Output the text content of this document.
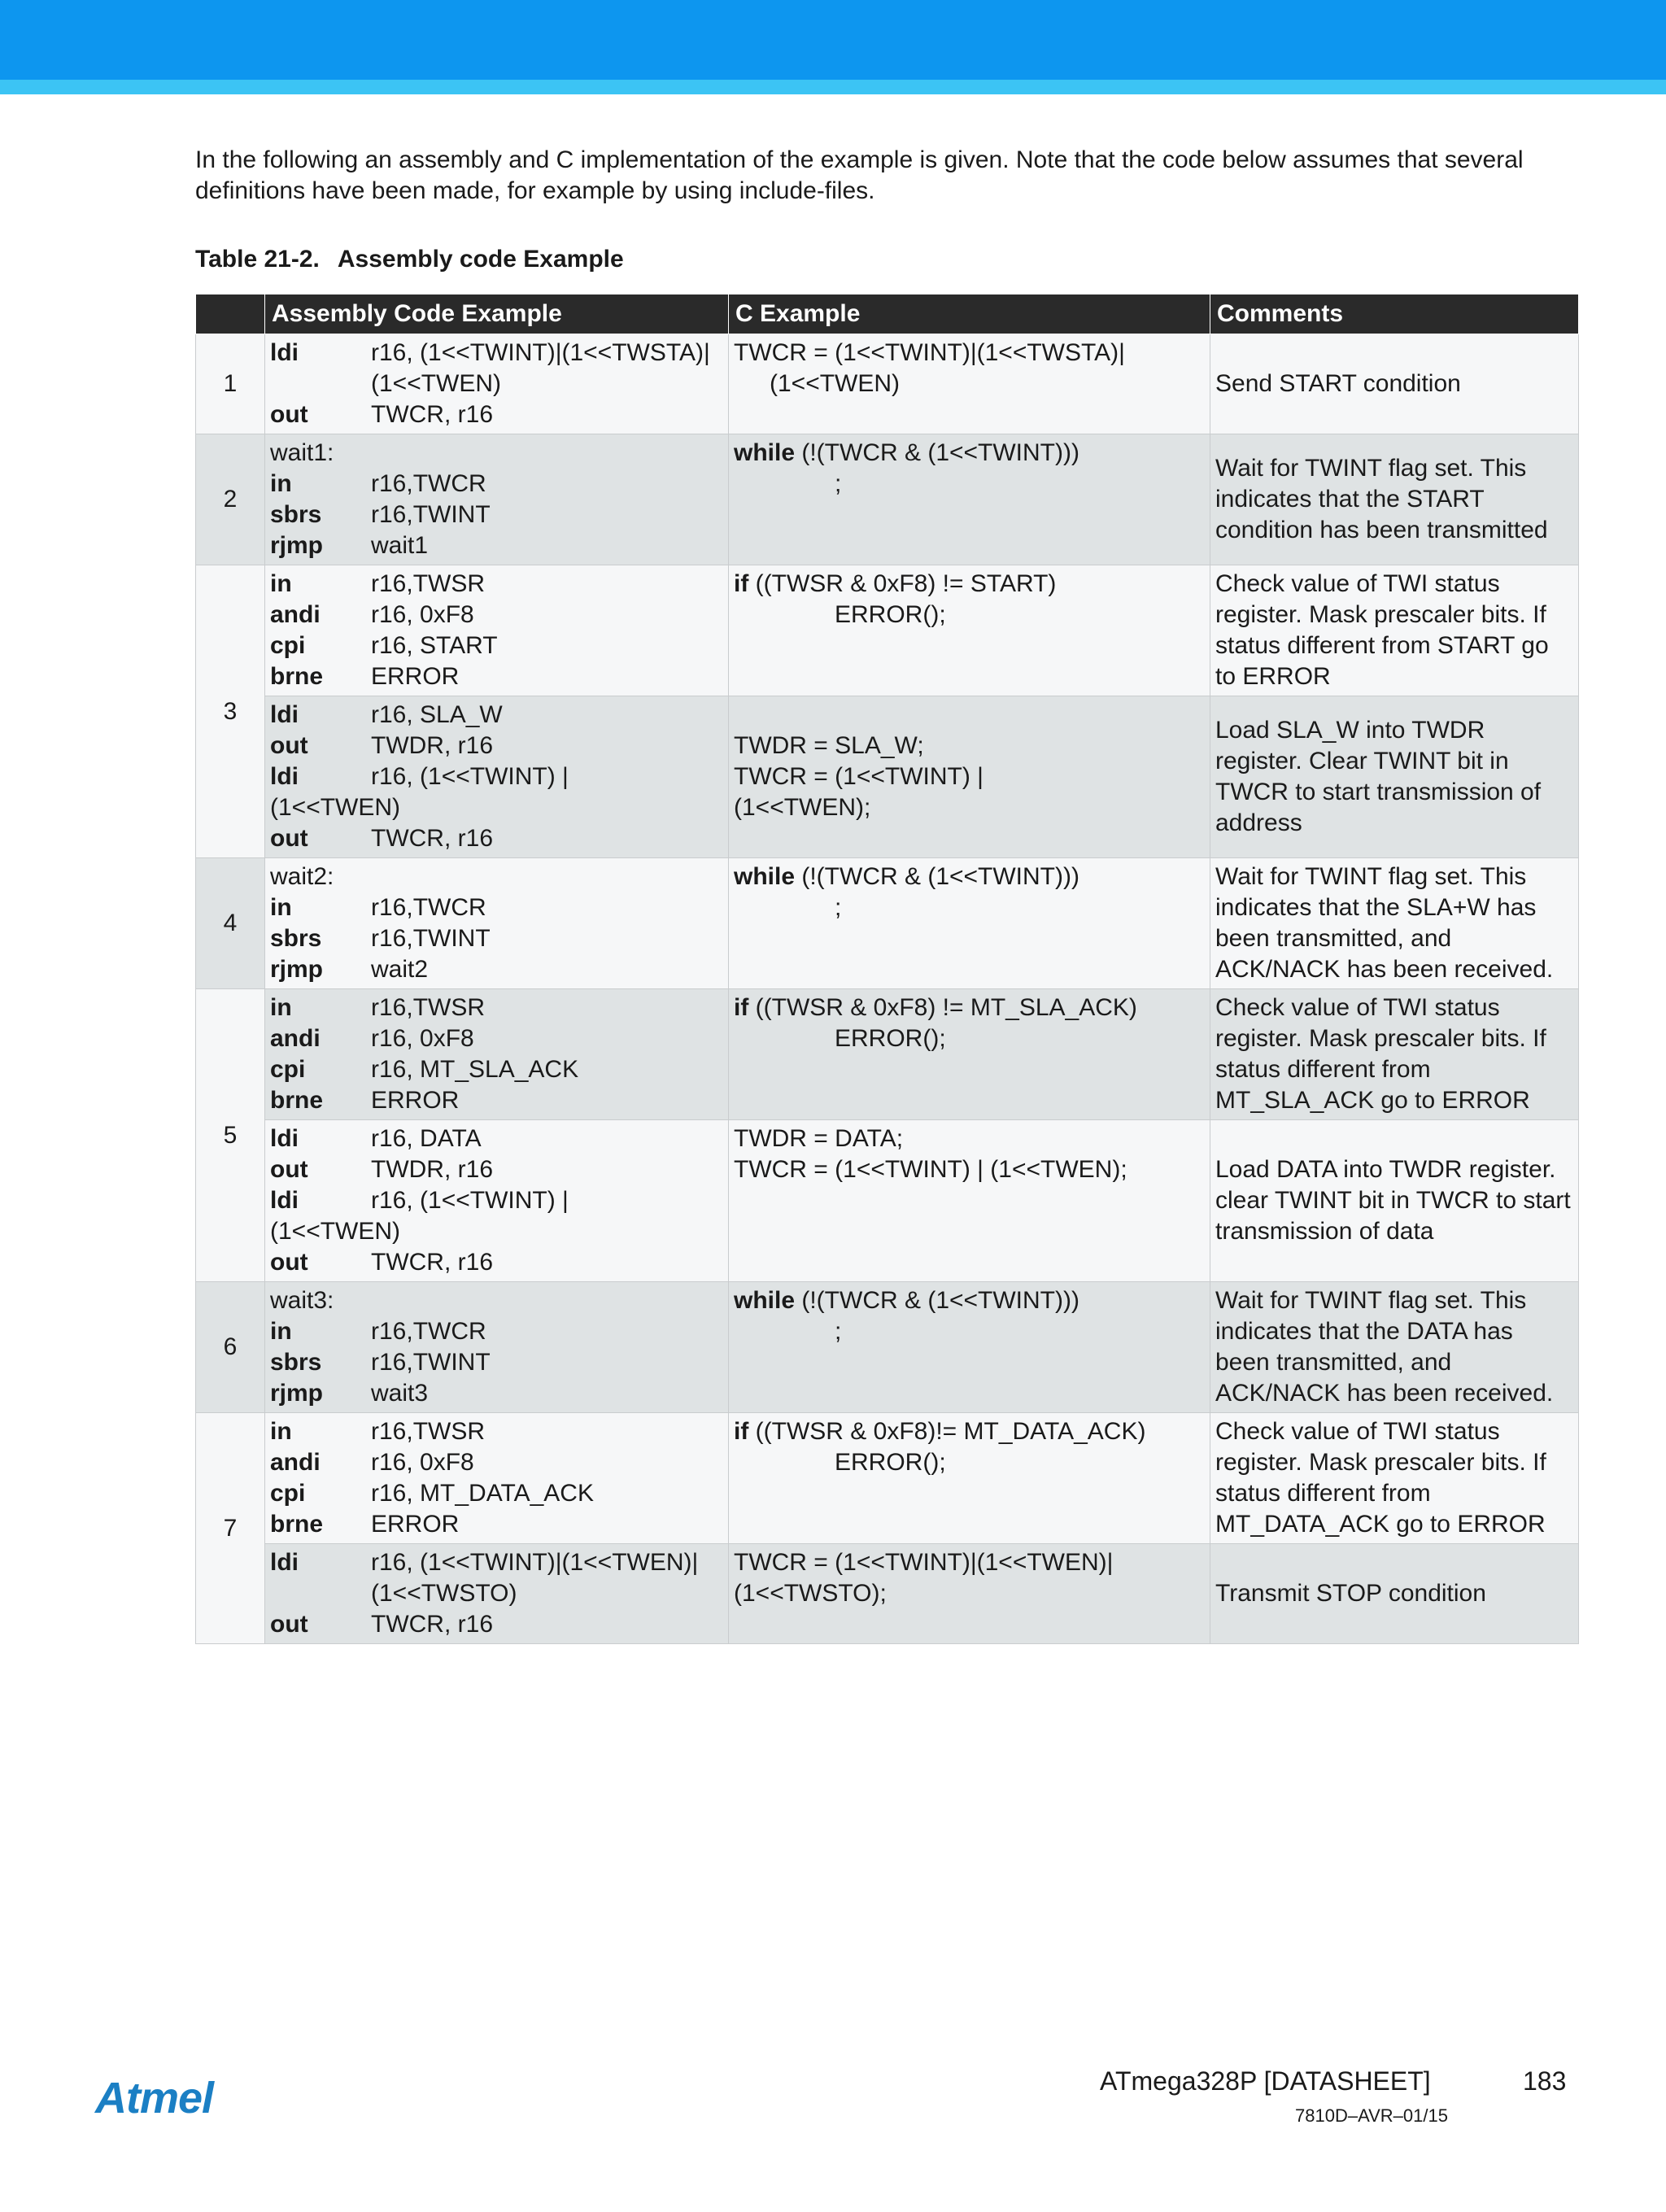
In the following an assembly and C implementation of the example is given. Note that the code below assumes that several definitions have been made, for example by using include-files.

Table 21-2. Assembly code Example

	Assembly Code Example	C Example	Comments
1	ldi r16, (1<<TWINT)|(1<<TWSTA)|
(1<<TWEN)
out TWCR, r16	TWCR = (1<<TWINT)|(1<<TWSTA)|
(1<<TWEN)	Send START condition
2	wait1:
in r16,TWCR
sbrs r16,TWINT
rjmp wait1	while (!(TWCR & (1<<TWINT)))
;	Wait for TWINT flag set. This indicates that the START condition has been transmitted
3	in r16,TWSR
andi r16, 0xF8
cpi r16, START
brne ERROR	if ((TWSR & 0xF8) != START)
ERROR();	Check value of TWI status register. Mask prescaler bits. If status different from START go to ERROR

	ldi r16, SLA_W
out TWDR, r16
ldi r16, (1<<TWINT) |
(1<<TWEN)
out TWCR, r16	TWDR = SLA_W;
TWCR = (1<<TWINT) |
(1<<TWEN);	Load SLA_W into TWDR register. Clear TWINT bit in TWCR to start transmission of address
4	wait2:
in r16,TWCR
sbrs r16,TWINT
rjmp wait2	while (!(TWCR & (1<<TWINT)))
;	Wait for TWINT flag set. This indicates that the SLA+W has been transmitted, and ACK/NACK has been received.
5	in r16,TWSR
andi r16, 0xF8
cpi r16, MT_SLA_ACK
brne ERROR	if ((TWSR & 0xF8) != MT_SLA_ACK)
ERROR();	Check value of TWI status register. Mask prescaler bits. If status different from MT_SLA_ACK go to ERROR

	ldi r16, DATA
out TWDR, r16
ldi r16, (1<<TWINT) |
(1<<TWEN)
out TWCR, r16	TWDR = DATA;
TWCR = (1<<TWINT) | (1<<TWEN);	Load DATA into TWDR register. clear TWINT bit in TWCR to start transmission of data
6	wait3:
in r16,TWCR
sbrs r16,TWINT
rjmp wait3	while (!(TWCR & (1<<TWINT)))
;	Wait for TWINT flag set. This indicates that the DATA has been transmitted, and ACK/NACK has been received.
7	in r16,TWSR
andi r16, 0xF8
cpi r16, MT_DATA_ACK
brne ERROR	if ((TWSR & 0xF8)!= MT_DATA_ACK)
ERROR();	Check value of TWI status register. Mask prescaler bits. If status different from MT_DATA_ACK go to ERROR

	ldi r16, (1<<TWINT)|(1<<TWEN)|
(1<<TWSTO)
out TWCR, r16	TWCR = (1<<TWINT)|(1<<TWEN)|
(1<<TWSTO);	Transmit STOP condition
Atmel	ATmega328P [DATASHEET]	183
7810D–AVR–01/15
